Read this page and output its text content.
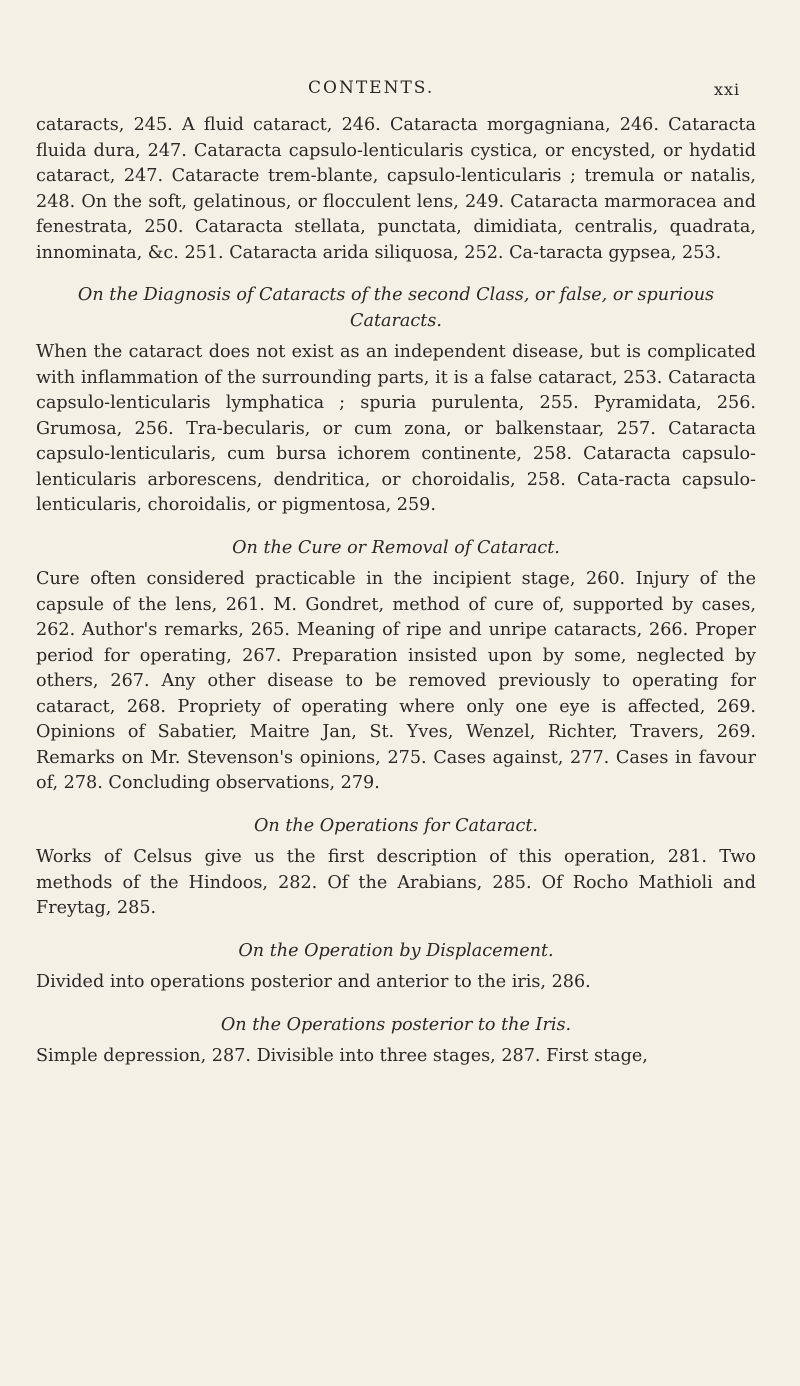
CONTENTS.	xxi

cataracts, 245. A fluid cataract, 246. Cataracta morgagniana, 246. Cataracta fluida dura, 247. Cataracta capsulo-lenticularis cystica, or encysted, or hydatid cataract, 247. Cataracte trem-blante, capsulo-lenticularis ; tremula or natalis, 248. On the soft, gelatinous, or flocculent lens, 249. Cataracta marmoracea and fenestrata, 250. Cataracta stellata, punctata, dimidiata, centralis, quadrata, innominata, &c. 251. Cataracta arida siliquosa, 252. Ca-taracta gypsea, 253.

On the Diagnosis of Cataracts of the second Class, or false, or spurious Cataracts.

When the cataract does not exist as an independent disease, but is complicated with inflammation of the surrounding parts, it is a false cataract, 253. Cataracta capsulo-lenticularis lymphatica ; spuria purulenta, 255. Pyramidata, 256. Grumosa, 256. Tra-becularis, or cum zona, or balkenstaar, 257. Cataracta capsulo-lenticularis, cum bursa ichorem continente, 258. Cataracta capsulo-lenticularis arborescens, dendritica, or choroidalis, 258. Cata-racta capsulo-lenticularis, choroidalis, or pigmentosa, 259.

On the Cure or Removal of Cataract.

Cure often considered practicable in the incipient stage, 260. Injury of the capsule of the lens, 261. M. Gondret, method of cure of, supported by cases, 262. Author's remarks, 265. Meaning of ripe and unripe cataracts, 266. Proper period for operating, 267. Preparation insisted upon by some, neglected by others, 267. Any other disease to be removed previously to operating for cataract, 268. Propriety of operating where only one eye is affected, 269. Opinions of Sabatier, Maitre Jan, St. Yves, Wenzel, Richter, Travers, 269. Remarks on Mr. Stevenson's opinions, 275. Cases against, 277. Cases in favour of, 278. Concluding observations, 279.

On the Operations for Cataract.

Works of Celsus give us the first description of this operation, 281. Two methods of the Hindoos, 282. Of the Arabians, 285. Of Rocho Mathioli and Freytag, 285.

On the Operation by Displacement.

Divided into operations posterior and anterior to the iris, 286.

On the Operations posterior to the Iris.

Simple depression, 287. Divisible into three stages, 287. First stage,
